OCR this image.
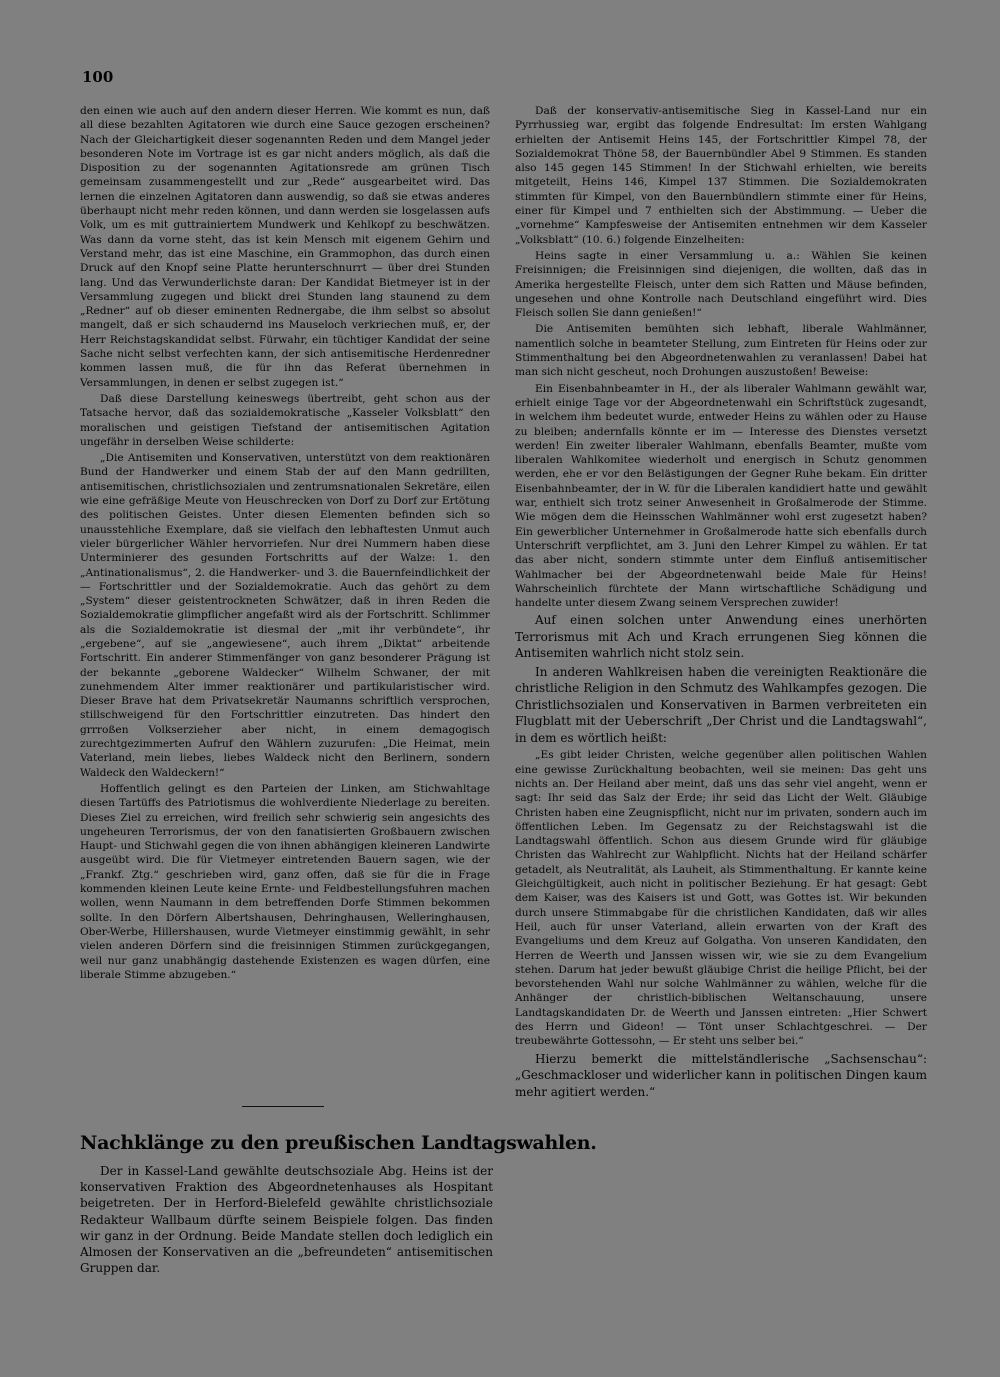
100

den einen wie auch auf den andern dieser Herren. Wie kommt es nun, daß all diese bezahlten Agitatoren wie durch eine Sauce gezogen erscheinen? Nach der Gleichartigkeit dieser sogenannten Reden und dem Mangel jeder besonderen Note im Vortrage ist es gar nicht anders möglich, als daß die Disposition zu der sogenannten Agitationsrede am grünen Tisch gemeinsam zusammengestellt und zur „Rede“ ausgearbeitet wird. Das lernen die einzelnen Agitatoren dann auswendig, so daß sie etwas anderes überhaupt nicht mehr reden können, und dann werden sie losgelassen aufs Volk, um es mit guttrainiertem Mundwerk und Kehlkopf zu beschwätzen. Was dann da vorne steht, das ist kein Mensch mit eigenem Gehirn und Verstand mehr, das ist eine Maschine, ein Grammophon, das durch einen Druck auf den Knopf seine Platte herunterschnurrt — über drei Stunden lang. Und das Verwunderlichste daran: Der Kandidat Bietmeyer ist in der Versammlung zugegen und blickt drei Stunden lang staunend zu dem „Redner“ auf ob dieser eminenten Rednergabe, die ihm selbst so absolut mangelt, daß er sich schaudernd ins Mauseloch verkriechen muß, er, der Herr Reichstagskandidat selbst. Fürwahr, ein tüchtiger Kandidat der seine Sache nicht selbst verfechten kann, der sich antisemitische Herdenredner kommen lassen muß, die für ihn das Referat übernehmen in Versammlungen, in denen er selbst zugegen ist.“

Daß diese Darstellung keineswegs übertreibt, geht schon aus der Tatsache hervor, daß das sozialdemokratische „Kasseler Volksblatt“ den moralischen und geistigen Tiefstand der antisemitischen Agitation ungefähr in derselben Weise schilderte:

„Die Antisemiten und Konservativen, unterstützt von dem reaktionären Bund der Handwerker und einem Stab der auf den Mann gedrillten, antisemitischen, christlichsozialen und zentrumsnationalen Sekretäre, eilen wie eine gefräßige Meute von Heuschrecken von Dorf zu Dorf zur Ertötung des politischen Geistes. Unter diesen Elementen befinden sich so unausstehliche Exemplare, daß sie vielfach den lebhaftesten Unmut auch vieler bürgerlicher Wähler hervorriefen. Nur drei Nummern haben diese Unterminierer des gesunden Fortschritts auf der Walze: 1. den „Antinationalismus“, 2. die Handwerker- und 3. die Bauernfeindlichkeit der — Fortschrittler und der Sozialdemokratie. Auch das gehört zu dem „System“ dieser geistentrockneten Schwätzer, daß in ihren Reden die Sozialdemokratie glimpflicher angefaßt wird als der Fortschritt. Schlimmer als die Sozialdemokratie ist diesmal der „mit ihr verbündete“, ihr „ergebene“, auf sie „angewiesene“, auch ihrem „Diktat“ arbeitende Fortschritt. Ein anderer Stimmenfänger von ganz besonderer Prägung ist der bekannte „geborene Waldecker“ Wilhelm Schwaner, der mit zunehmendem Alter immer reaktionärer und partikularistischer wird. Dieser Brave hat dem Privatsekretär Naumanns schriftlich versprochen, stillschweigend für den Fortschrittler einzutreten. Das hindert den grrroßen Volkserzieher aber nicht, in einem demagogisch zurechtgezimmerten Aufruf den Wählern zuzurufen: „Die Heimat, mein Vaterland, mein liebes, liebes Waldeck nicht den Berlinern, sondern Waldeck den Waldeckern!“

Hoffentlich gelingt es den Parteien der Linken, am Stichwahltage diesen Tartüffs des Patriotismus die wohlverdiente Niederlage zu bereiten. Dieses Ziel zu erreichen, wird freilich sehr schwierig sein angesichts des ungeheuren Terrorismus, der von den fanatisierten Großbauern zwischen Haupt- und Stichwahl gegen die von ihnen abhängigen kleineren Landwirte ausgeübt wird. Die für Vietmeyer eintretenden Bauern sagen, wie der „Frankf. Ztg.“ geschrieben wird, ganz offen, daß sie für die in Frage kommenden kleinen Leute keine Ernte- und Feldbestellungsfuhren machen wollen, wenn Naumann in dem betreffenden Dorfe Stimmen bekommen sollte. In den Dörfern Albertshausen, Dehringhausen, Welleringhausen, Ober-Werbe, Hillershausen, wurde Vietmeyer einstimmig gewählt, in sehr vielen anderen Dörfern sind die freisinnigen Stimmen zurückgegangen, weil nur ganz unabhängig dastehende Existenzen es wagen dürfen, eine liberale Stimme abzugeben.“

Nachklänge zu den preußischen Landtagswahlen.

Der in Kassel-Land gewählte deutschsoziale Abg. Heins ist der konservativen Fraktion des Abgeordnetenhauses als Hospitant beigetreten. Der in Herford-Bielefeld gewählte christlichsoziale Redakteur Wallbaum dürfte seinem Beispiele folgen. Das finden wir ganz in der Ordnung. Beide Mandate stellen doch lediglich ein Almosen der Konservativen an die „befreundeten“ antisemitischen Gruppen dar.

Daß der konservativ-antisemitische Sieg in Kassel-Land nur ein Pyrrhussieg war, ergibt das folgende Endresultat: Im ersten Wahlgang erhielten der Antisemit Heins 145, der Fortschrittler Kimpel 78, der Sozialdemokrat Thöne 58, der Bauernbündler Abel 9 Stimmen. Es standen also 145 gegen 145 Stimmen! In der Stichwahl erhielten, wie bereits mitgeteilt, Heins 146, Kimpel 137 Stimmen. Die Sozialdemokraten stimmten für Kimpel, von den Bauernbündlern stimmte einer für Heins, einer für Kimpel und 7 enthielten sich der Abstimmung. — Ueber die „vornehme“ Kampfesweise der Antisemiten entnehmen wir dem Kasseler „Volksblatt“ (10. 6.) folgende Einzelheiten:

Heins sagte in einer Versammlung u. a.: Wählen Sie keinen Freisinnigen; die Freisinnigen sind diejenigen, die wollten, daß das in Amerika hergestellte Fleisch, unter dem sich Ratten und Mäuse befinden, ungesehen und ohne Kontrolle nach Deutschland eingeführt wird. Dies Fleisch sollen Sie dann genießen!“

Die Antisemiten bemühten sich lebhaft, liberale Wahlmänner, namentlich solche in beamteter Stellung, zum Eintreten für Heins oder zur Stimmenthaltung bei den Abgeordnetenwahlen zu veranlassen! Dabei hat man sich nicht gescheut, noch Drohungen auszustoßen! Beweise:

Ein Eisenbahnbeamter in H., der als liberaler Wahlmann gewählt war, erhielt einige Tage vor der Abgeordnetenwahl ein Schriftstück zugesandt, in welchem ihm bedeutet wurde, entweder Heins zu wählen oder zu Hause zu bleiben; andernfalls könnte er im — Interesse des Dienstes versetzt werden! Ein zweiter liberaler Wahlmann, ebenfalls Beamter, mußte vom liberalen Wahlkomitee wiederholt und energisch in Schutz genommen werden, ehe er vor den Belästigungen der Gegner Ruhe bekam. Ein dritter Eisenbahnbeamter, der in W. für die Liberalen kandidiert hatte und gewählt war, enthielt sich trotz seiner Anwesenheit in Großalmerode der Stimme. Wie mögen dem die Heinsschen Wahlmänner wohl erst zugesetzt haben? Ein gewerblicher Unternehmer in Großalmerode hatte sich ebenfalls durch Unterschrift verpflichtet, am 3. Juni den Lehrer Kimpel zu wählen. Er tat das aber nicht, sondern stimmte unter dem Einfluß antisemitischer Wahlmacher bei der Abgeordnetenwahl beide Male für Heins! Wahrscheinlich fürchtete der Mann wirtschaftliche Schädigung und handelte unter diesem Zwang seinem Versprechen zuwider!

Auf einen solchen unter Anwendung eines unerhörten Terrorismus mit Ach und Krach errungenen Sieg können die Antisemiten wahrlich nicht stolz sein.

In anderen Wahlkreisen haben die vereinigten Reaktionäre die christliche Religion in den Schmutz des Wahlkampfes gezogen. Die Christlichsozialen und Konservativen in Barmen verbreiteten ein Flugblatt mit der Ueberschrift „Der Christ und die Landtagswahl“, in dem es wörtlich heißt:

„Es gibt leider Christen, welche gegenüber allen politischen Wahlen eine gewisse Zurückhaltung beobachten, weil sie meinen: Das geht uns nichts an. Der Heiland aber meint, daß uns das sehr viel angeht, wenn er sagt: Ihr seid das Salz der Erde; ihr seid das Licht der Welt. Gläubige Christen haben eine Zeugnispflicht, nicht nur im privaten, sondern auch im öffentlichen Leben. Im Gegensatz zu der Reichstagswahl ist die Landtagswahl öffentlich. Schon aus diesem Grunde wird für gläubige Christen das Wahlrecht zur Wahlpflicht. Nichts hat der Heiland schärfer getadelt, als Neutralität, als Lauheit, als Stimmenthaltung. Er kannte keine Gleichgültigkeit, auch nicht in politischer Beziehung. Er hat gesagt: Gebt dem Kaiser, was des Kaisers ist und Gott, was Gottes ist. Wir bekunden durch unsere Stimmabgabe für die christlichen Kandidaten, daß wir alles Heil, auch für unser Vaterland, allein erwarten von der Kraft des Evangeliums und dem Kreuz auf Golgatha. Von unseren Kandidaten, den Herren de Weerth und Janssen wissen wir, wie sie zu dem Evangelium stehen. Darum hat jeder bewußt gläubige Christ die heilige Pflicht, bei der bevorstehenden Wahl nur solche Wahlmänner zu wählen, welche für die Anhänger der christlich-biblischen Weltanschauung, unsere Landtagskandidaten Dr. de Weerth und Janssen eintreten: „Hier Schwert des Herrn und Gideon! — Tönt unser Schlachtgeschrei. — Der treubewährte Gottessohn, — Er steht uns selber bei.“

Hierzu bemerkt die mittelständlerische „Sachsenschau“: „Geschmackloser und widerlicher kann in politischen Dingen kaum mehr agitiert werden.“
